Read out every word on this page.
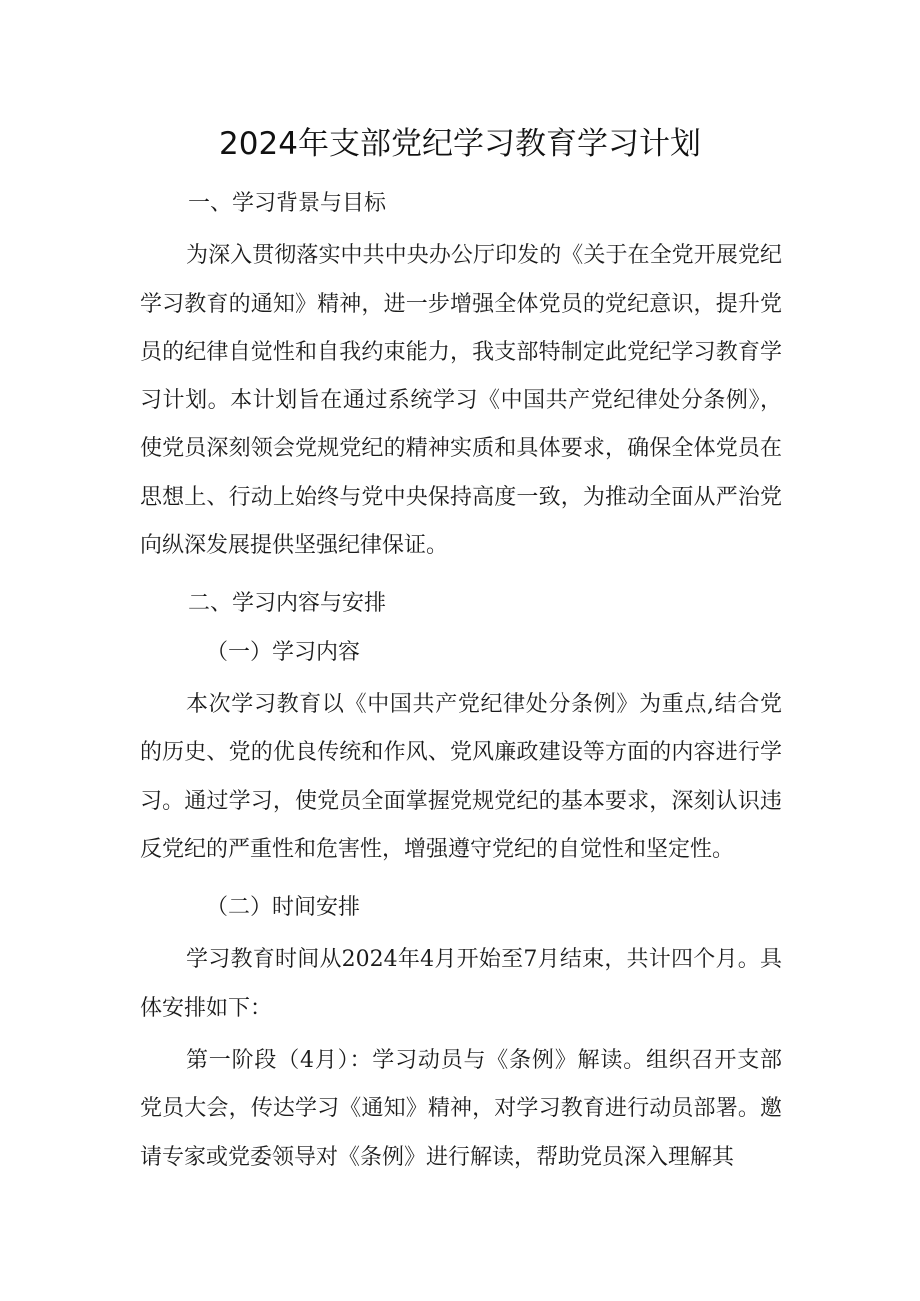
2024年支部党纪学习教育学习计划

一、学习背景与目标

为深入贯彻落实中共中央办公厅印发的《关于在全党开展党纪学习教育的通知》精神，进一步增强全体党员的党纪意识，提升党员的纪律自觉性和自我约束能力，我支部特制定此党纪学习教育学习计划。本计划旨在通过系统学习《中国共产党纪律处分条例》，使党员深刻领会党规党纪的精神实质和具体要求，确保全体党员在思想上、行动上始终与党中央保持高度一致，为推动全面从严治党向纵深发展提供坚强纪律保证。

二、学习内容与安排

（一）学习内容

本次学习教育以《中国共产党纪律处分条例》为重点,结合党的历史、党的优良传统和作风、党风廉政建设等方面的内容进行学习。通过学习，使党员全面掌握党规党纪的基本要求，深刻认识违反党纪的严重性和危害性，增强遵守党纪的自觉性和坚定性。

（二）时间安排

学习教育时间从2024年4月开始至7月结束，共计四个月。具体安排如下：

第一阶段（4月）：学习动员与《条例》解读。组织召开支部党员大会，传达学习《通知》精神，对学习教育进行动员部署。邀请专家或党委领导对《条例》进行解读，帮助党员深入理解其
